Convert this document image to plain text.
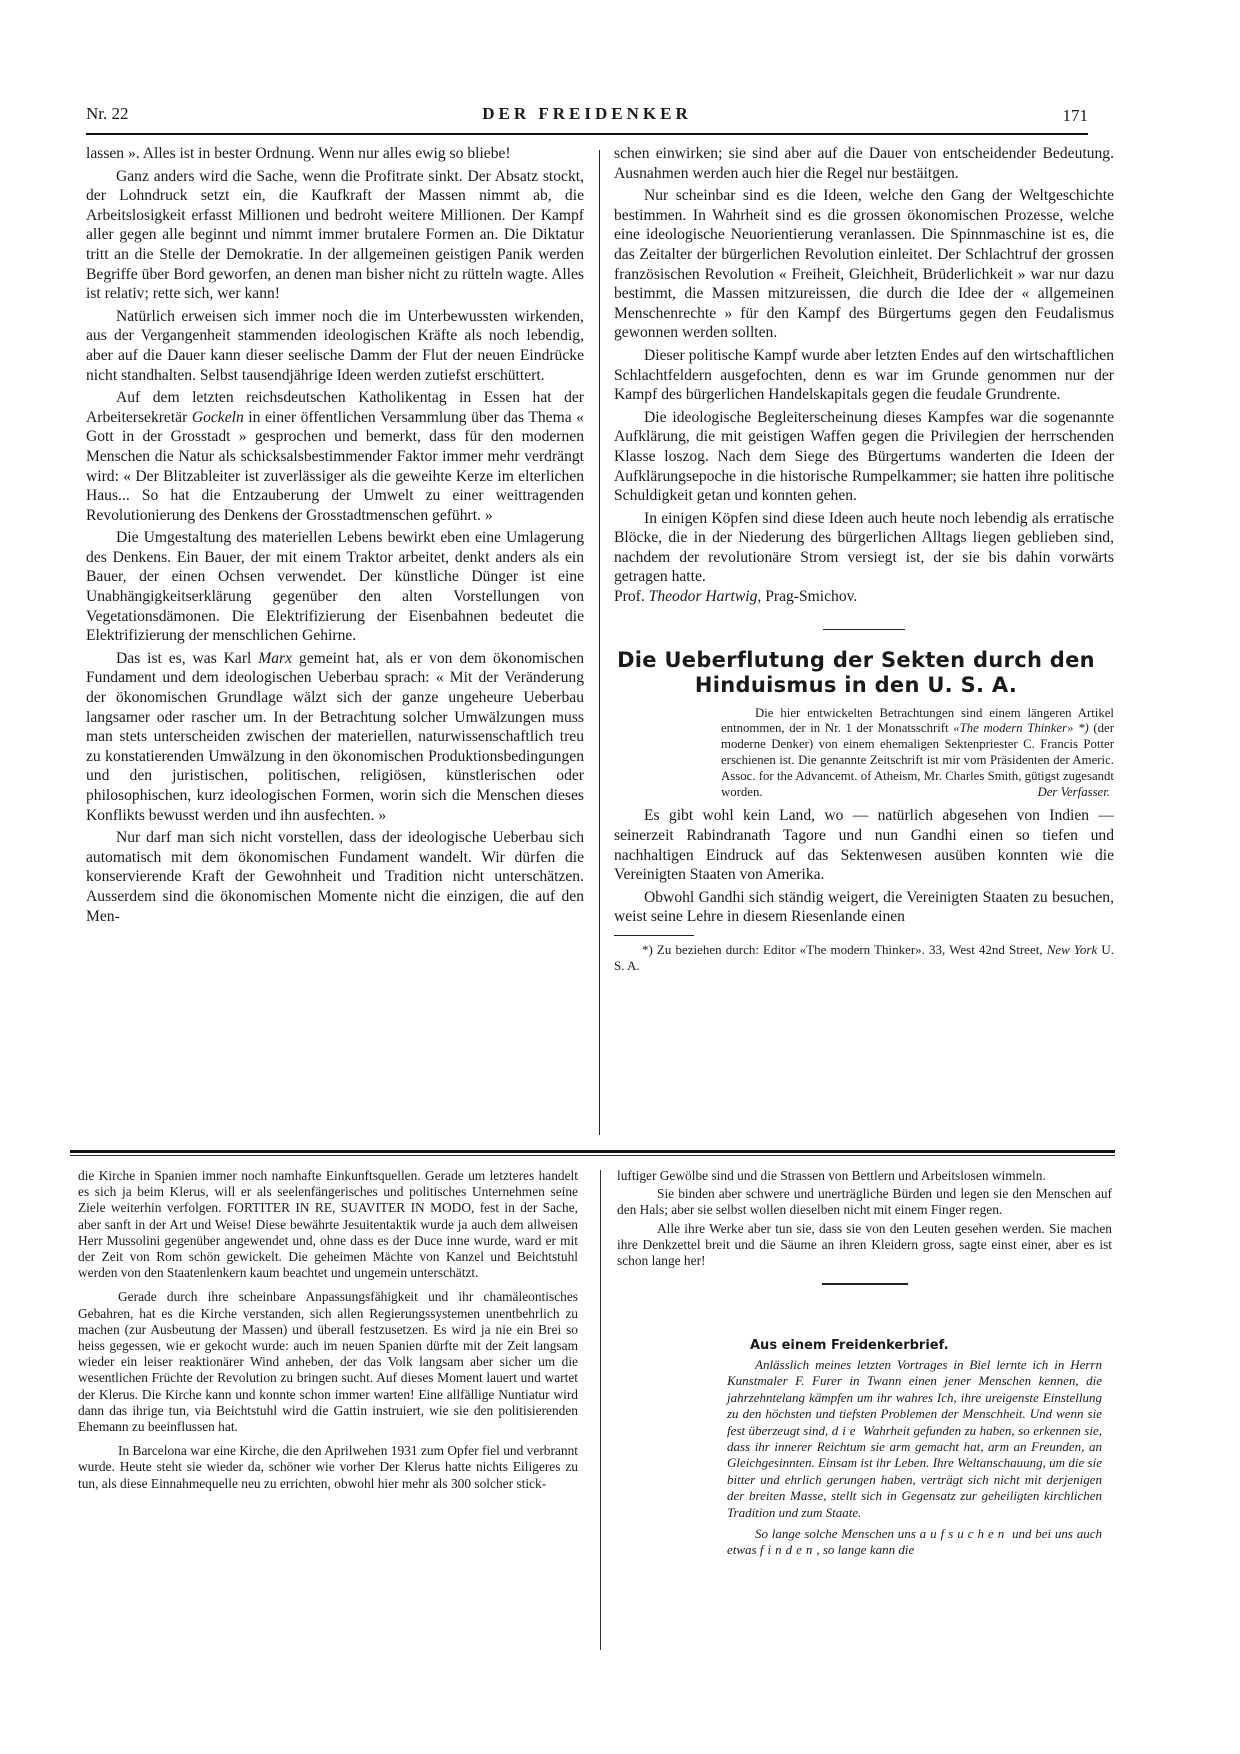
Nr. 22	DER FREIDENKER	171

lassen ». Alles ist in bester Ordnung. Wenn nur alles ewig so bliebe!

Ganz anders wird die Sache, wenn die Profitrate sinkt. Der Absatz stockt, der Lohndruck setzt ein, die Kaufkraft der Massen nimmt ab, die Arbeitslosigkeit erfasst Millionen und bedroht weitere Millionen. Der Kampf aller gegen alle beginnt und nimmt immer brutalere Formen an. Die Diktatur tritt an die Stelle der Demokratie. In der allgemeinen geistigen Panik werden Begriffe über Bord geworfen, an denen man bisher nicht zu rütteln wagte. Alles ist relativ; rette sich, wer kann!

Natürlich erweisen sich immer noch die im Unterbewussten wirkenden, aus der Vergangenheit stammenden ideologischen Kräfte als noch lebendig, aber auf die Dauer kann dieser seelische Damm der Flut der neuen Eindrücke nicht standhalten. Selbst tausendjährige Ideen werden zutiefst erschüttert.

Auf dem letzten reichsdeutschen Katholikentag in Essen hat der Arbeitersekretär Gockeln in einer öffentlichen Versammlung über das Thema « Gott in der Grosstadt » gesprochen und bemerkt, dass für den modernen Menschen die Natur als schicksalsbestimmender Faktor immer mehr verdrängt wird: « Der Blitzableiter ist zuverlässiger als die geweihte Kerze im elterlichen Haus... So hat die Entzauberung der Umwelt zu einer weittragenden Revolutionierung des Denkens der Grosstadtmenschen geführt. »

Die Umgestaltung des materiellen Lebens bewirkt eben eine Umlagerung des Denkens. Ein Bauer, der mit einem Traktor arbeitet, denkt anders als ein Bauer, der einen Ochsen verwendet. Der künstliche Dünger ist eine Unabhängigkeitserklärung gegenüber den alten Vorstellungen von Vegetationsdämonen. Die Elektrifizierung der Eisenbahnen bedeutet die Elektrifizierung der menschlichen Gehirne.

Das ist es, was Karl Marx gemeint hat, als er von dem ökonomischen Fundament und dem ideologischen Ueberbau sprach: « Mit der Veränderung der ökonomischen Grundlage wälzt sich der ganze ungeheure Ueberbau langsamer oder rascher um. In der Betrachtung solcher Umwälzungen muss man stets unterscheiden zwischen der materiellen, naturwissenschaftlich treu zu konstatierenden Umwälzung in den ökonomischen Produktionsbedingungen und den juristischen, politischen, religiösen, künstlerischen oder philosophischen, kurz ideologischen Formen, worin sich die Menschen dieses Konflikts bewusst werden und ihn ausfechten. »

Nur darf man sich nicht vorstellen, dass der ideologische Ueberbau sich automatisch mit dem ökonomischen Fundament wandelt. Wir dürfen die konservierende Kraft der Gewohnheit und Tradition nicht unterschätzen. Ausserdem sind die ökonomischen Momente nicht die einzigen, die auf den Men-

schen einwirken; sie sind aber auf die Dauer von entscheidender Bedeutung. Ausnahmen werden auch hier die Regel nur bestäitgen.

Nur scheinbar sind es die Ideen, welche den Gang der Weltgeschichte bestimmen. In Wahrheit sind es die grossen ökonomischen Prozesse, welche eine ideologische Neuorientierung veranlassen. Die Spinnmaschine ist es, die das Zeitalter der bürgerlichen Revolution einleitet. Der Schlachtruf der grossen französischen Revolution « Freiheit, Gleichheit, Brüderlichkeit » war nur dazu bestimmt, die Massen mitzureissen, die durch die Idee der « allgemeinen Menschenrechte » für den Kampf des Bürgertums gegen den Feudalismus gewonnen werden sollten.

Dieser politische Kampf wurde aber letzten Endes auf den wirtschaftlichen Schlachtfeldern ausgefochten, denn es war im Grunde genommen nur der Kampf des bürgerlichen Handelskapitals gegen die feudale Grundrente.

Die ideologische Begleiterscheinung dieses Kampfes war die sogenannte Aufklärung, die mit geistigen Waffen gegen die Privilegien der herrschenden Klasse loszog. Nach dem Siege des Bürgertums wanderten die Ideen der Aufklärungsepoche in die historische Rumpelkammer; sie hatten ihre politische Schuldigkeit getan und konnten gehen.

In einigen Köpfen sind diese Ideen auch heute noch lebendig als erratische Blöcke, die in der Niederung des bürgerlichen Alltags liegen geblieben sind, nachdem der revolutionäre Strom versiegt ist, der sie bis dahin vorwärts getragen hatte.

Prof. Theodor Hartwig, Prag-Smichov.

Die Ueberflutung der Sekten durch den
Hinduismus in den U. S. A.

Die hier entwickelten Betrachtungen sind einem längeren Artikel entnommen, der in Nr. 1 der Monatsschrift «The modern Thinker» *) (der moderne Denker) von einem ehemaligen Sektenpriester C. Francis Potter erschienen ist. Die genannte Zeitschrift ist mir vom Präsidenten der Americ. Assoc. for the Advancemt. of Atheism, Mr. Charles Smith, gütigst zugesandt worden.	Der Verfasser.

Es gibt wohl kein Land, wo — natürlich abgesehen von Indien — seinerzeit Rabindranath Tagore und nun Gandhi einen so tiefen und nachhaltigen Eindruck auf das Sektenwesen ausüben konnten wie die Vereinigten Staaten von Amerika.

Obwohl Gandhi sich ständig weigert, die Vereinigten Staaten zu besuchen, weist seine Lehre in diesem Riesenlande einen

*) Zu beziehen durch: Editor «The modern Thinker». 33, West 42nd Street, New York U. S. A.

die Kirche in Spanien immer noch namhafte Einkunftsquellen. Gerade um letzteres handelt es sich ja beim Klerus, will er als seelenfängerisches und politisches Unternehmen seine Ziele weiterhin verfolgen. FORTITER IN RE, SUAVITER IN MODO, fest in der Sache, aber sanft in der Art und Weise! Diese bewährte Jesuitentaktik wurde ja auch dem allweisen Herr Mussolini gegenüber angewendet und, ohne dass es der Duce inne wurde, ward er mit der Zeit von Rom schön gewickelt. Die geheimen Mächte von Kanzel und Beichtstuhl werden von den Staatenlenkern kaum beachtet und ungemein unterschätzt.

Gerade durch ihre scheinbare Anpassungsfähigkeit und ihr chamäleontisches Gebahren, hat es die Kirche verstanden, sich allen Regierungssystemen unentbehrlich zu machen (zur Ausbeutung der Massen) und überall festzusetzen. Es wird ja nie ein Brei so heiss gegessen, wie er gekocht wurde: auch im neuen Spanien dürfte mit der Zeit langsam wieder ein leiser reaktionärer Wind anheben, der das Volk langsam aber sicher um die wesentlichen Früchte der Revolution zu bringen sucht. Auf dieses Moment lauert und wartet der Klerus. Die Kirche kann und konnte schon immer warten! Eine allfällige Nuntiatur wird dann das ihrige tun, via Beichtstuhl wird die Gattin instruiert, wie sie den politisierenden Ehemann zu beeinflussen hat.

In Barcelona war eine Kirche, die den Aprilwehen 1931 zum Opfer fiel und verbrannt wurde. Heute steht sie wieder da, schöner wie vorher Der Klerus hatte nichts Eiligeres zu tun, als diese Einnahmequelle neu zu errichten, obwohl hier mehr als 300 solcher stick-

luftiger Gewölbe sind und die Strassen von Bettlern und Arbeitslosen wimmeln.

Sie binden aber schwere und unerträgliche Bürden und legen sie den Menschen auf den Hals; aber sie selbst wollen dieselben nicht mit einem Finger regen.

Alle ihre Werke aber tun sie, dass sie von den Leuten gesehen werden. Sie machen ihre Denkzettel breit und die Säume an ihren Kleidern gross, sagte einst einer, aber es ist schon lange her!

Aus einem Freidenkerbrief.

Anlässlich meines letzten Vortrages in Biel lernte ich in Herrn Kunstmaler F. Furer in Twann einen jener Menschen kennen, die jahrzehntelang kämpfen um ihr wahres Ich, ihre ureigenste Einstellung zu den höchsten und tiefsten Problemen der Menschheit. Und wenn sie fest überzeugt sind, die Wahrheit gefunden zu haben, so erkennen sie, dass ihr innerer Reichtum sie arm gemacht hat, arm an Freunden, an Gleichgesinnten. Einsam ist ihr Leben. Ihre Weltanschauung, um die sie bitter und ehrlich gerungen haben, verträgt sich nicht mit derjenigen der breiten Masse, stellt sich in Gegensatz zur geheiligten kirchlichen Tradition und zum Staate.

So lange solche Menschen uns aufsuchen und bei uns auch etwas finden, so lange kann die
